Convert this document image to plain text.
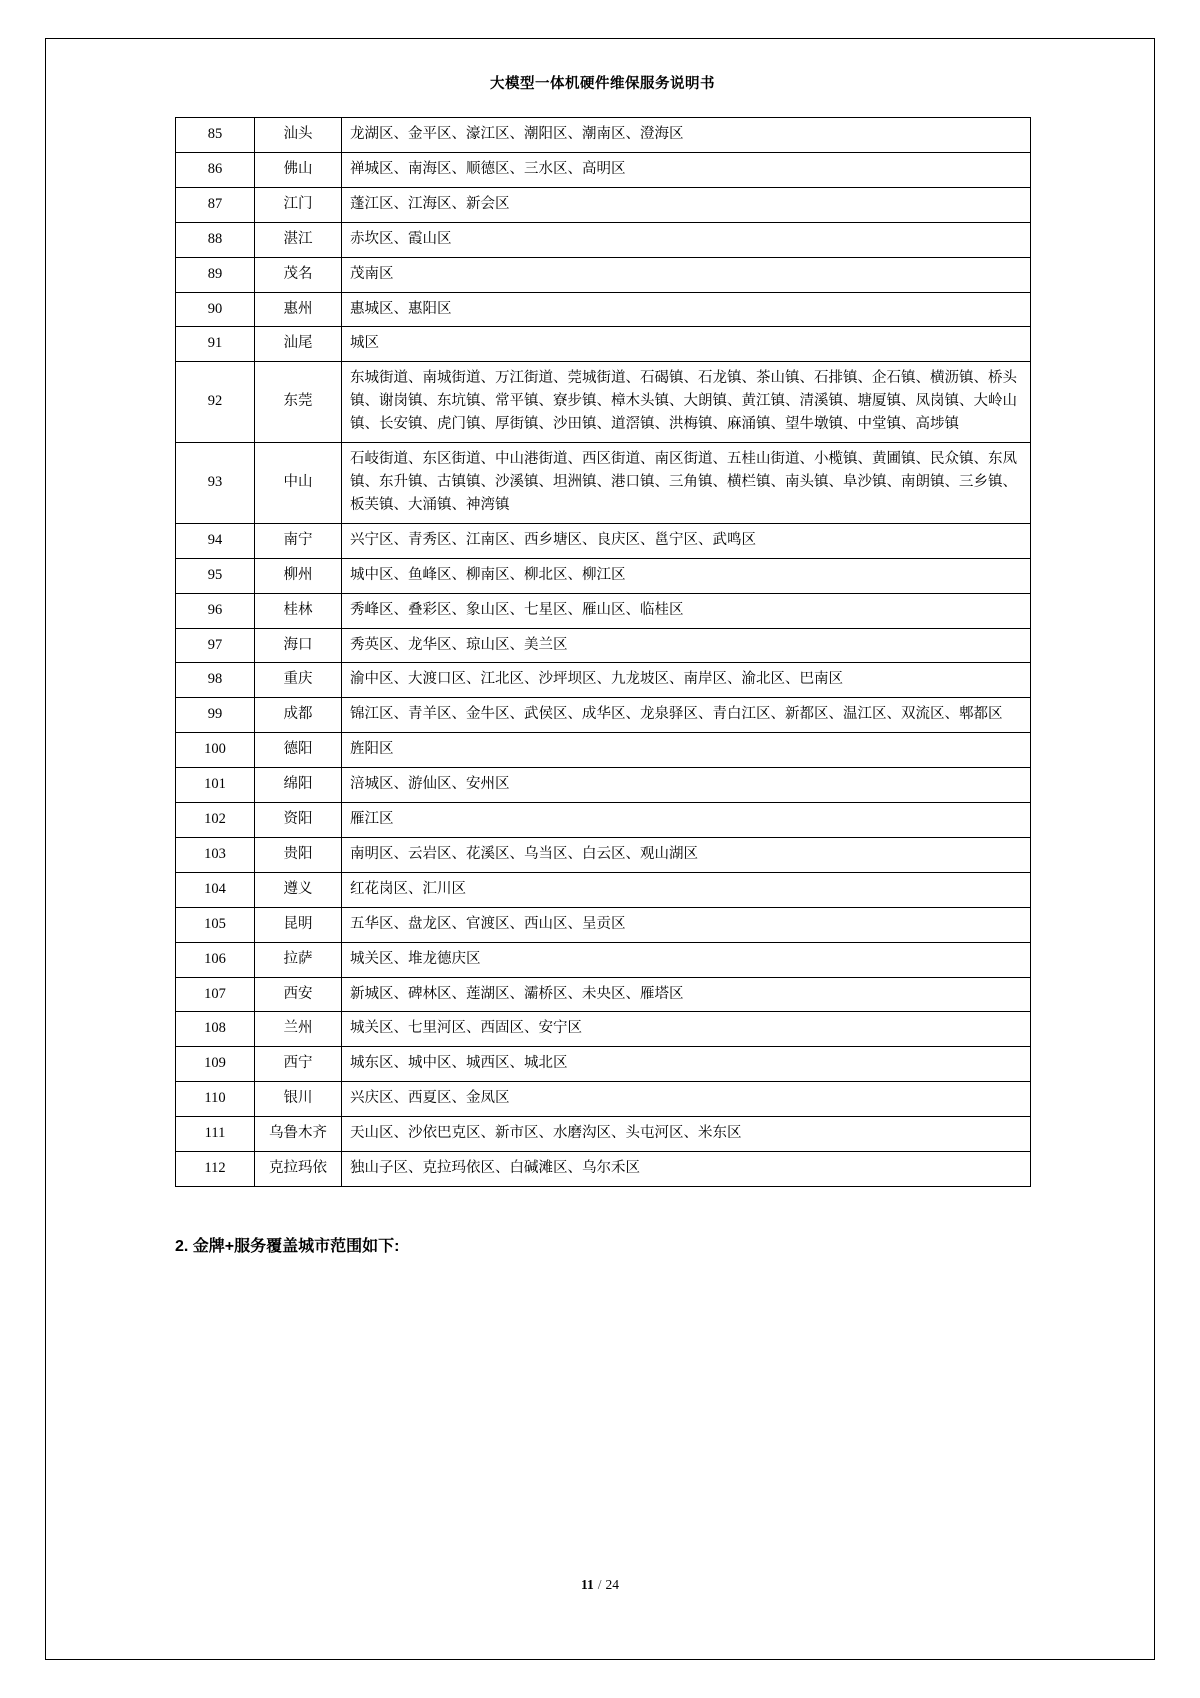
大模型一体机硬件维保服务说明书
85	汕头	龙湖区、金平区、濠江区、潮阳区、潮南区、澄海区
86	佛山	禅城区、南海区、顺德区、三水区、高明区
87	江门	蓬江区、江海区、新会区
88	湛江	赤坎区、霞山区
89	茂名	茂南区
90	惠州	惠城区、惠阳区
91	汕尾	城区
92	东莞	东城街道、南城街道、万江街道、莞城街道、石碣镇、石龙镇、茶山镇、石排镇、企石镇、横沥镇、桥头镇、谢岗镇、东坑镇、常平镇、寮步镇、樟木头镇、大朗镇、黄江镇、清溪镇、塘厦镇、凤岗镇、大岭山镇、长安镇、虎门镇、厚街镇、沙田镇、道滘镇、洪梅镇、麻涌镇、望牛墩镇、中堂镇、高埗镇
93	中山	石岐街道、东区街道、中山港街道、西区街道、南区街道、五桂山街道、小榄镇、黄圃镇、民众镇、东凤镇、东升镇、古镇镇、沙溪镇、坦洲镇、港口镇、三角镇、横栏镇、南头镇、阜沙镇、南朗镇、三乡镇、板芙镇、大涌镇、神湾镇
94	南宁	兴宁区、青秀区、江南区、西乡塘区、良庆区、邕宁区、武鸣区
95	柳州	城中区、鱼峰区、柳南区、柳北区、柳江区
96	桂林	秀峰区、叠彩区、象山区、七星区、雁山区、临桂区
97	海口	秀英区、龙华区、琼山区、美兰区
98	重庆	渝中区、大渡口区、江北区、沙坪坝区、九龙坡区、南岸区、渝北区、巴南区
99	成都	锦江区、青羊区、金牛区、武侯区、成华区、龙泉驿区、青白江区、新都区、温江区、双流区、郫都区
100	德阳	旌阳区
101	绵阳	涪城区、游仙区、安州区
102	资阳	雁江区
103	贵阳	南明区、云岩区、花溪区、乌当区、白云区、观山湖区
104	遵义	红花岗区、汇川区
105	昆明	五华区、盘龙区、官渡区、西山区、呈贡区
106	拉萨	城关区、堆龙德庆区
107	西安	新城区、碑林区、莲湖区、灞桥区、未央区、雁塔区
108	兰州	城关区、七里河区、西固区、安宁区
109	西宁	城东区、城中区、城西区、城北区
110	银川	兴庆区、西夏区、金凤区
111	乌鲁木齐	天山区、沙依巴克区、新市区、水磨沟区、头屯河区、米东区
112	克拉玛依	独山子区、克拉玛依区、白碱滩区、乌尔禾区
2. 金牌+服务覆盖城市范围如下:
11 / 24
